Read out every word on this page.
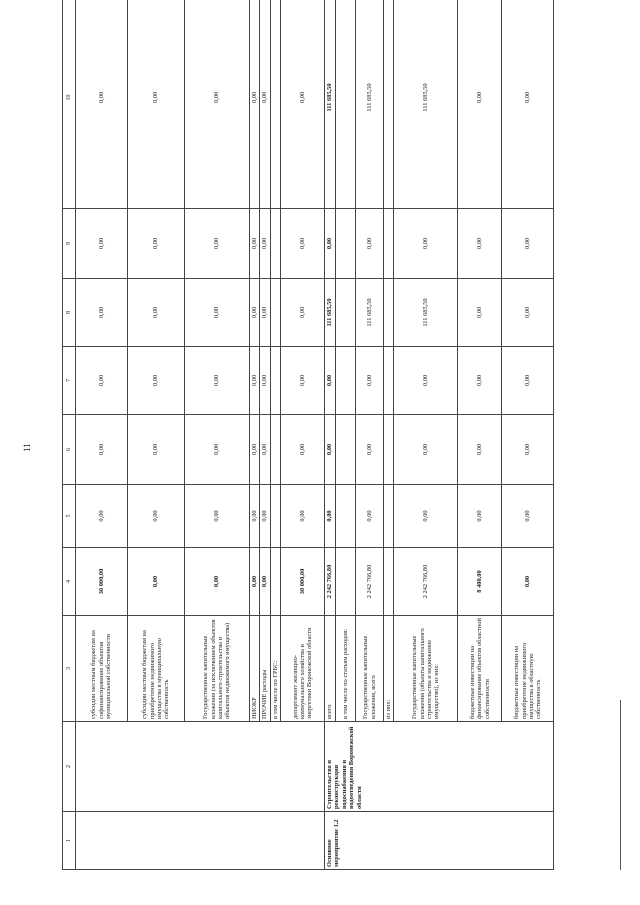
11
1	2	3	4	5	6	7	8	9	10
		субсидии местным бюджетам на софинансирование объектов муниципальной собственности	30 000,00	0,00	0,00	0,00	0,00	0,00	0,00
		субсидии местным бюджетам на приобретение недвижимого имущества в муниципальную собственность	0,00	0,00	0,00	0,00	0,00	0,00	0,00
		Государственные капитальные вложения (за исключением объектов капитального строительства и объектов недвижимого имущества)	0,00	0,00	0,00	0,00	0,00	0,00	0,00
		НИОКР	0,00	0,00	0,00	0,00	0,00	0,00	0,00
		ПРОЧИЕ расходы	0,00	0,00	0,00	0,00	0,00	0,00	0,00
		в том числе по ГРБС:							
		департамент жилищно-коммунального хозяйства и энергетики Воронежской области	30 000,00	0,00	0,00	0,00	0,00	0,00	0,00
Основное мероприятие 1.2	Строительство и реконструкция водоснабжения и водоотведения Воронежской области	всего	2 242 766,80	0,00	0,00	0,00	111 685,50	0,00	111 685,50
		в том числе по статьям расходов:							
		Государственные капитальные вложения, всего	2 242 766,80	0,00	0,00	0,00	111 685,50	0,00	111 685,50
		из них:							
		Государственные капитальные вложения (объекты капитального строительства и недвижимое имущество), из них:	2 242 766,80	0,00	0,00	0,00	111 685,50	0,00	111 685,50
		бюджетные инвестиции на финансирование объектов областной собственности	8 400,00	0,00	0,00	0,00	0,00	0,00	0,00
		бюджетные инвестиции на приобретение недвижимого имущества в областную собственность	0,00	0,00	0,00	0,00	0,00	0,00	0,00
